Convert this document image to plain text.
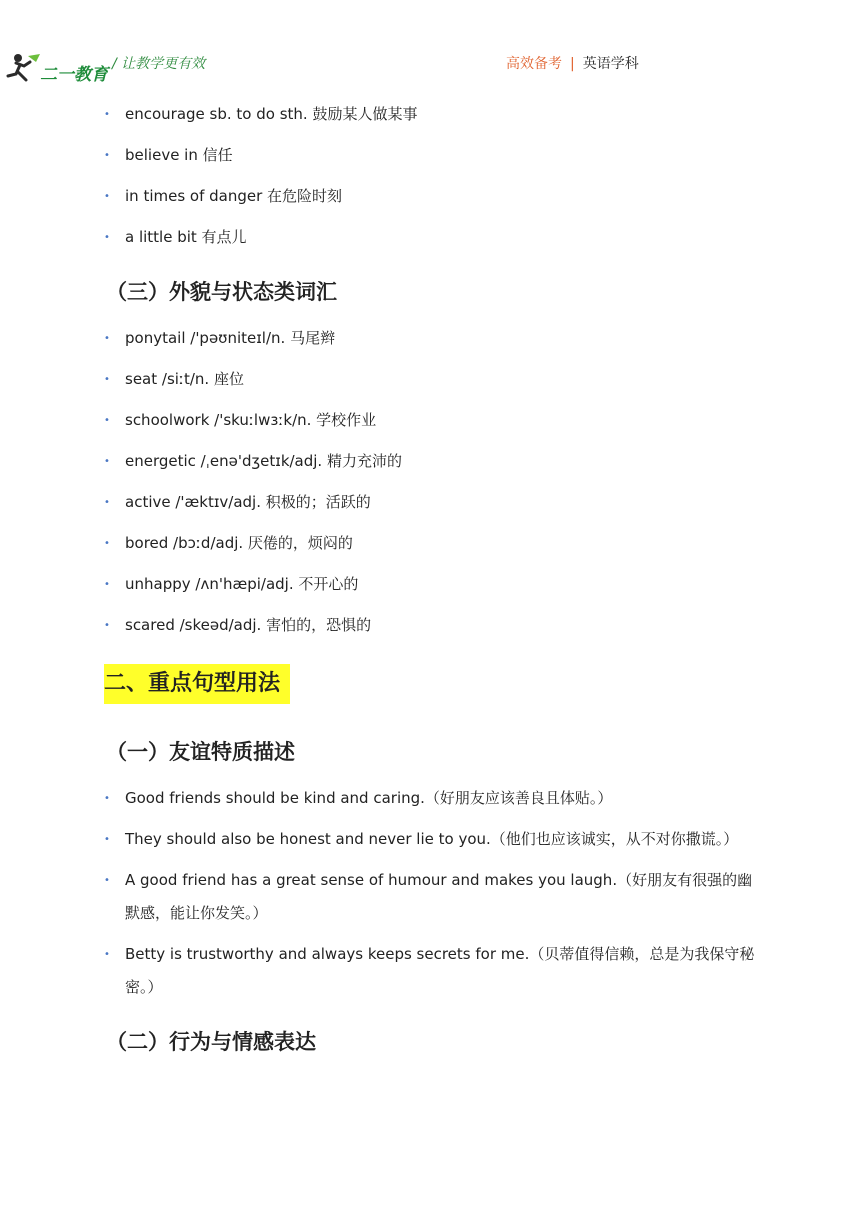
二一教育
/ 让教学更有效	高效备考 | 英语学科
• encourage sb. to do sth. 鼓励某人做某事
• believe in 信任
• in times of danger 在危险时刻
• a little bit 有点儿
（三）外貌与状态类词汇
• ponytail /'pəʊniteɪl/n. 马尾辫
• seat /siːt/n. 座位
• schoolwork /'skuːlwɜːk/n. 学校作业
• energetic /ˌenə'dʒetɪk/adj. 精力充沛的
• active /'æktɪv/adj. 积极的；活跃的
• bored /bɔːd/adj. 厌倦的，烦闷的
• unhappy /ʌn'hæpi/adj. 不开心的
• scared /skeəd/adj. 害怕的，恐惧的
二、重点句型用法
（一）友谊特质描述
• Good friends should be kind and caring.（好朋友应该善良且体贴。）
• They should also be honest and never lie to you.（他们也应该诚实，从不对你撒谎。）
• A good friend has a great sense of humour and makes you laugh.（好朋友有很强的幽默感，能让你发笑。）
• Betty is trustworthy and always keeps secrets for me.（贝蒂值得信赖，总是为我保守秘密。）
（二）行为与情感表达
